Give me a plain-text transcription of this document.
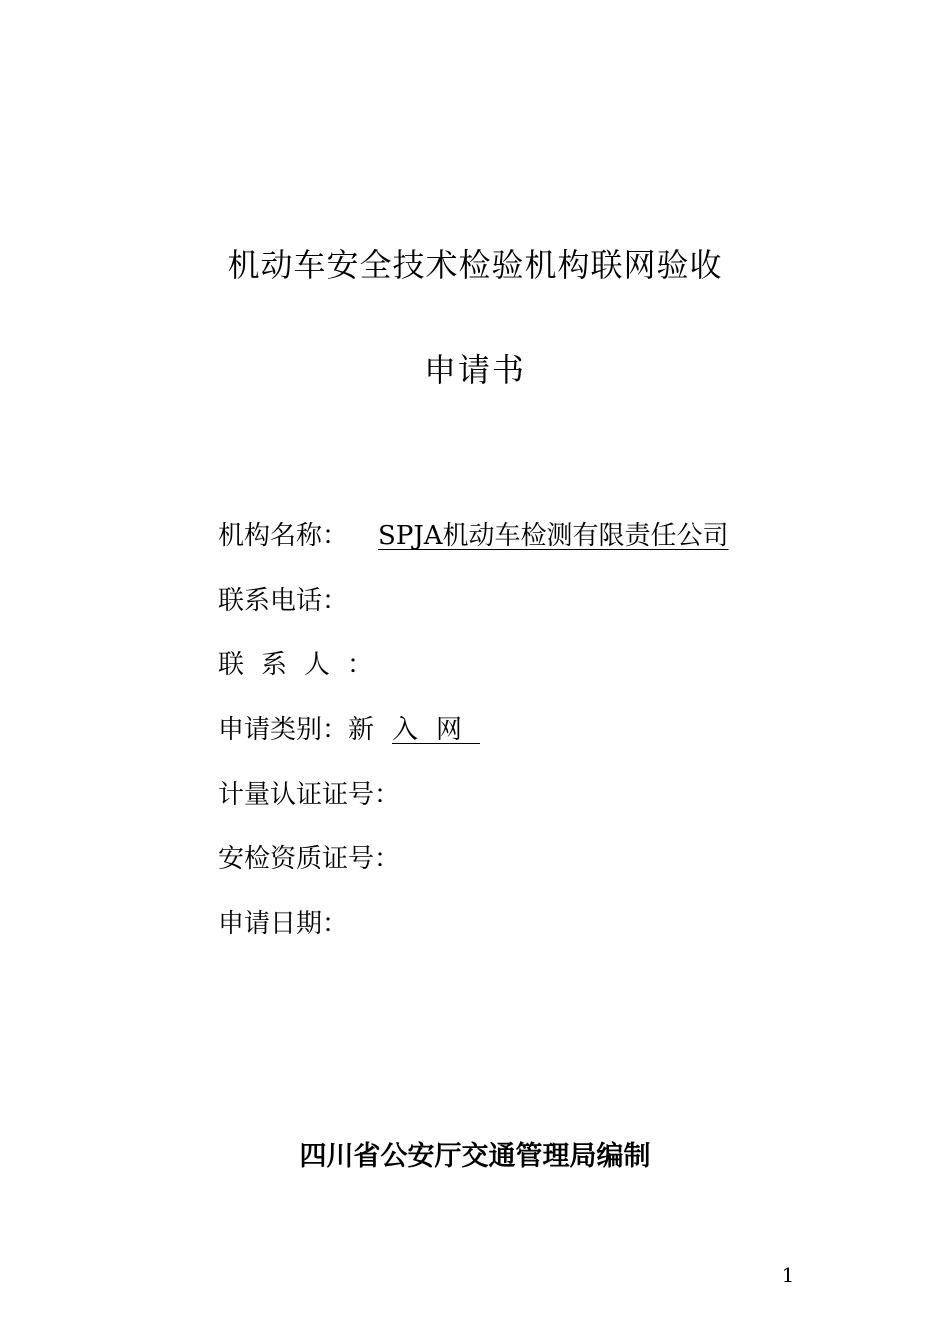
机动车安全技术检验机构联网验收
申请书
机构名称： SPJA机动车检测有限责任公司
联系电话：
联系人：
申请类别：新入网
计量认证证号：
安检资质证号：
申请日期：
四川省公安厅交通管理局编制
1
